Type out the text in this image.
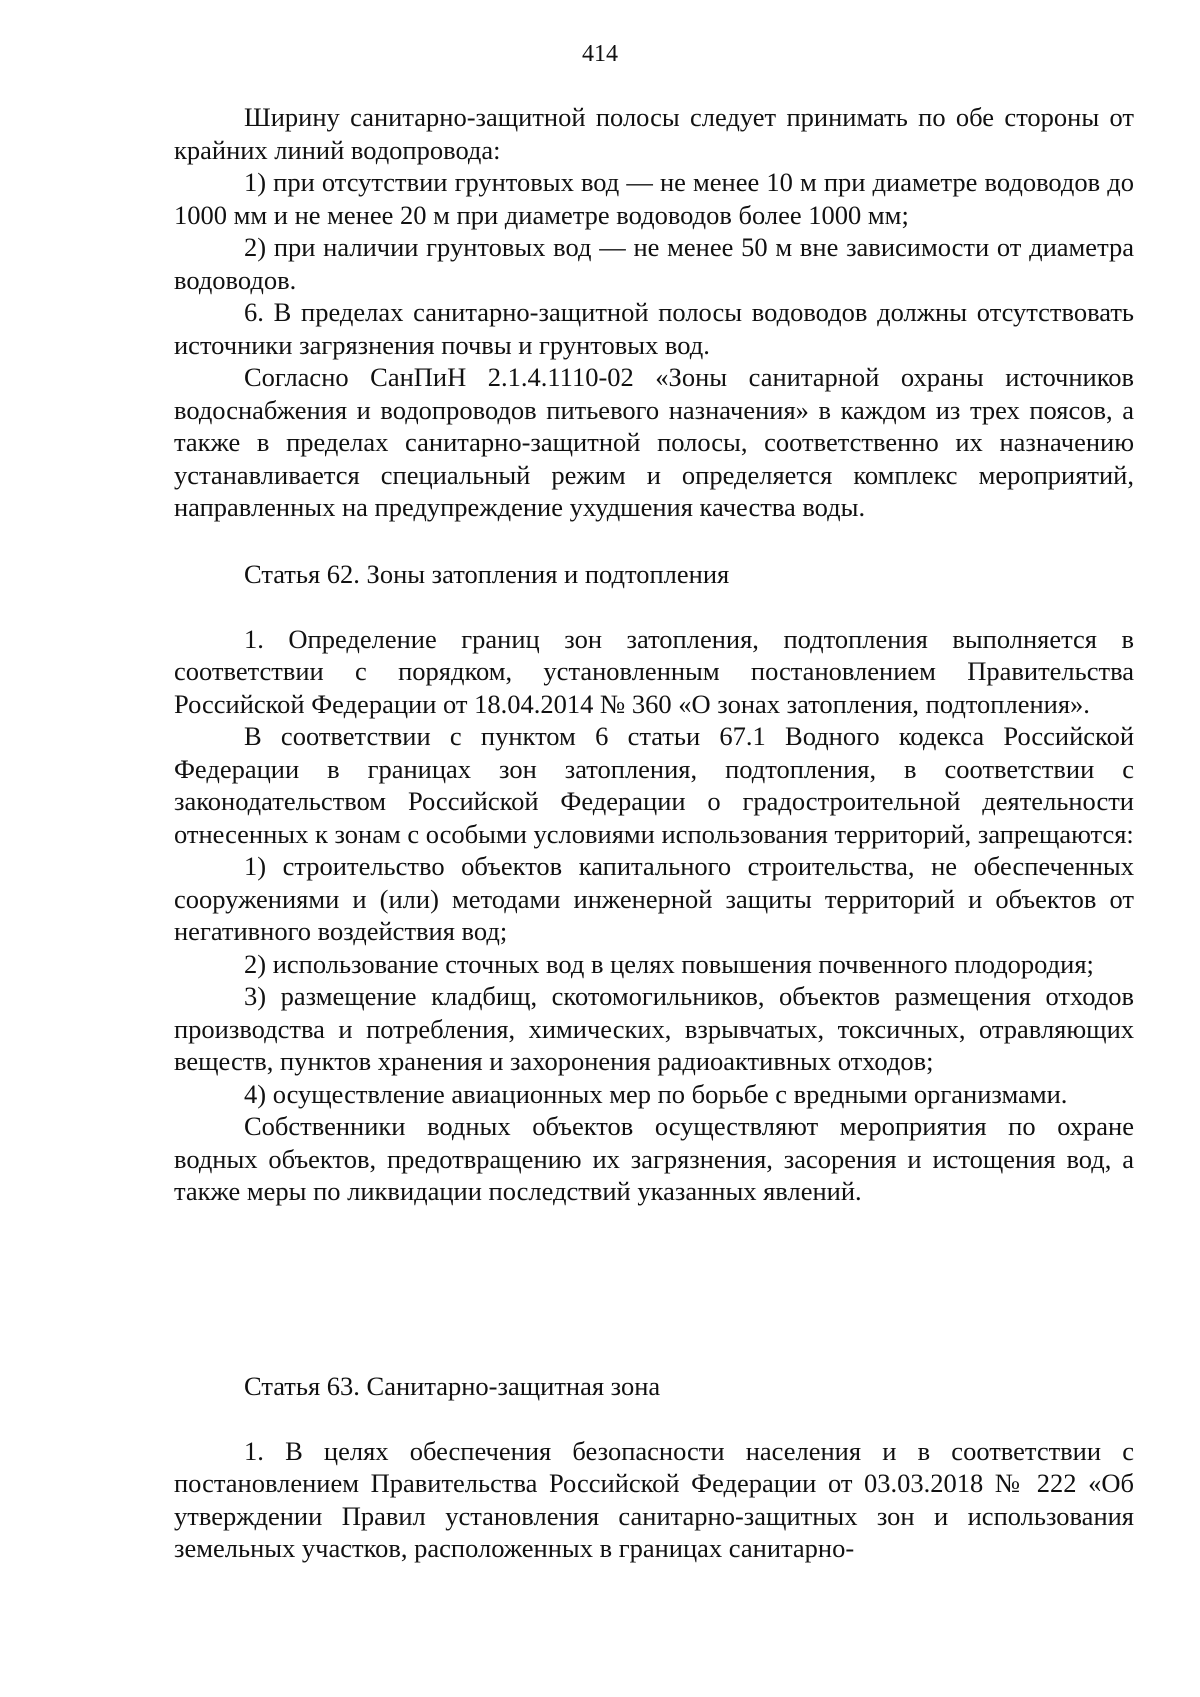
414

Ширину санитарно-защитной полосы следует принимать по обе стороны от крайних линий водопровода:

1) при отсутствии грунтовых вод — не менее 10 м при диаметре водоводов до 1000 мм и не менее 20 м при диаметре водоводов более 1000 мм;

2) при наличии грунтовых вод — не менее 50 м вне зависимости от диаметра водоводов.

6. В пределах санитарно-защитной полосы водоводов должны отсутствовать источники загрязнения почвы и грунтовых вод.

Согласно СанПиН 2.1.4.1110-02 «Зоны санитарной охраны источников водоснабжения и водопроводов питьевого назначения» в каждом из трех поясов, а также в пределах санитарно-защитной полосы, соответственно их назначению устанавливается специальный режим и определяется комплекс мероприятий, направленных на предупреждение ухудшения качества воды.

Статья 62. Зоны затопления и подтопления

1. Определение границ зон затопления, подтопления выполняется в соответствии с порядком, установленным постановлением Правительства Российской Федерации от 18.04.2014 № 360 «О зонах затопления, подтопления».

В соответствии с пунктом 6 статьи 67.1 Водного кодекса Российской Федерации в границах зон затопления, подтопления, в соответствии с законодательством Российской Федерации о градостроительной деятельности отнесенных к зонам с особыми условиями использования территорий, запрещаются:

1) строительство объектов капитального строительства, не обеспеченных сооружениями и (или) методами инженерной защиты территорий и объектов от негативного воздействия вод;

2) использование сточных вод в целях повышения почвенного плодородия;

3) размещение кладбищ, скотомогильников, объектов размещения отходов производства и потребления, химических, взрывчатых, токсичных, отравляющих веществ, пунктов хранения и захоронения радиоактивных отходов;

4) осуществление авиационных мер по борьбе с вредными организмами.

Собственники водных объектов осуществляют мероприятия по охране водных объектов, предотвращению их загрязнения, засорения и истощения вод, а также меры по ликвидации последствий указанных явлений.

Статья 63. Санитарно-защитная зона

1. В целях обеспечения безопасности населения и в соответствии с постановлением Правительства Российской Федерации от 03.03.2018 № 222 «Об утверждении Правил установления санитарно-защитных зон и использования земельных участков, расположенных в границах санитарно-
